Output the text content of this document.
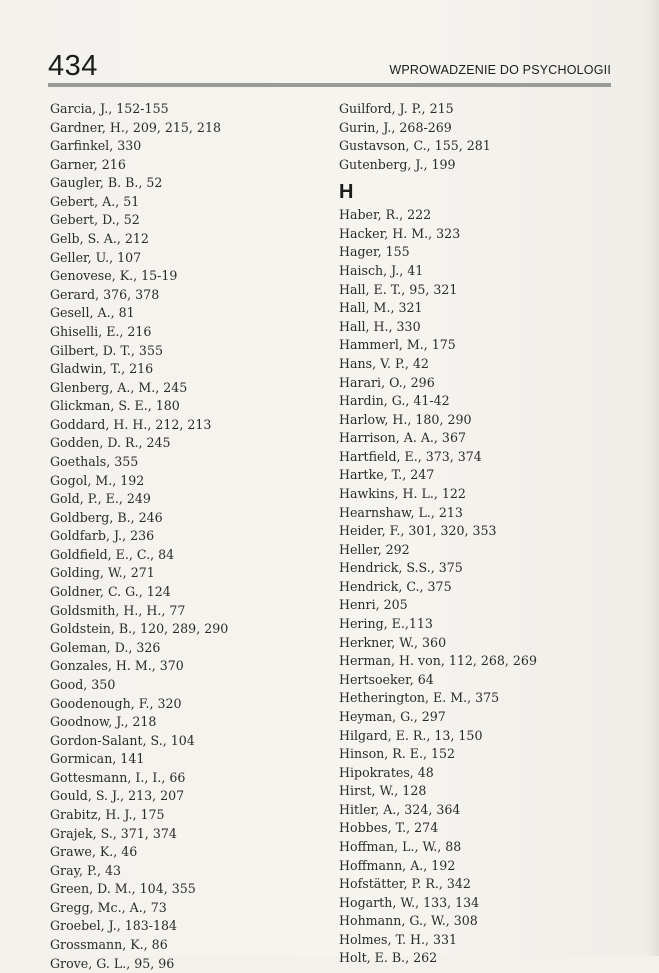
434	WPROWADZENIE DO PSYCHOLOGII
Garcia, J., 152-155
Gardner, H., 209, 215, 218
Garfinkel, 330
Garner, 216
Gaugler, B. B., 52
Gebert, A., 51
Gebert, D., 52
Gelb, S. A., 212
Geller, U., 107
Genovese, K., 15-19
Gerard, 376, 378
Gesell, A., 81
Ghiselli, E., 216
Gilbert, D. T., 355
Gladwin, T., 216
Glenberg, A., M., 245
Glickman, S. E., 180
Goddard, H. H., 212, 213
Godden, D. R., 245
Goethals, 355
Gogol, M., 192
Gold, P., E., 249
Goldberg, B., 246
Goldfarb, J., 236
Goldfield, E., C., 84
Golding, W., 271
Goldner, C. G., 124
Goldsmith, H., H., 77
Goldstein, B., 120, 289, 290
Goleman, D., 326
Gonzales, H. M., 370
Good, 350
Goodenough, F., 320
Goodnow, J., 218
Gordon-Salant, S., 104
Gormican, 141
Gottesmann, I., I., 66
Gould, S. J., 213, 207
Grabitz, H. J., 175
Grajek, S., 371, 374
Grawe, K., 46
Gray, P., 43
Green, D. M., 104, 355
Gregg, Mc., A., 73
Groebel, J., 183-184
Grossmann, K., 86
Grove, G. L., 95, 96
Guilford, J. P., 215
Gurin, J., 268-269
Gustavson, C., 155, 281
Gutenberg, J., 199
H
Haber, R., 222
Hacker, H. M., 323
Hager, 155
Haisch, J., 41
Hall, E. T., 95, 321
Hall, M., 321
Hall, H., 330
Hammerl, M., 175
Hans, V. P., 42
Harari, O., 296
Hardin, G., 41-42
Harlow, H., 180, 290
Harrison, A. A., 367
Hartfield, E., 373, 374
Hartke, T., 247
Hawkins, H. L., 122
Hearnshaw, L., 213
Heider, F., 301, 320, 353
Heller, 292
Hendrick, S.S., 375
Hendrick, C., 375
Henri, 205
Hering, E.,113
Herkner, W., 360
Herman, H. von, 112, 268, 269
Hertsoeker, 64
Hetherington, E. M., 375
Heyman, G., 297
Hilgard, E. R., 13, 150
Hinson, R. E., 152
Hipokrates, 48
Hirst, W., 128
Hitler, A., 324, 364
Hobbes, T., 274
Hoffman, L., W., 88
Hoffmann, A., 192
Hofstätter, P. R., 342
Hogarth, W., 133, 134
Hohmann, G., W., 308
Holmes, T. H., 331
Holt, E. B., 262
